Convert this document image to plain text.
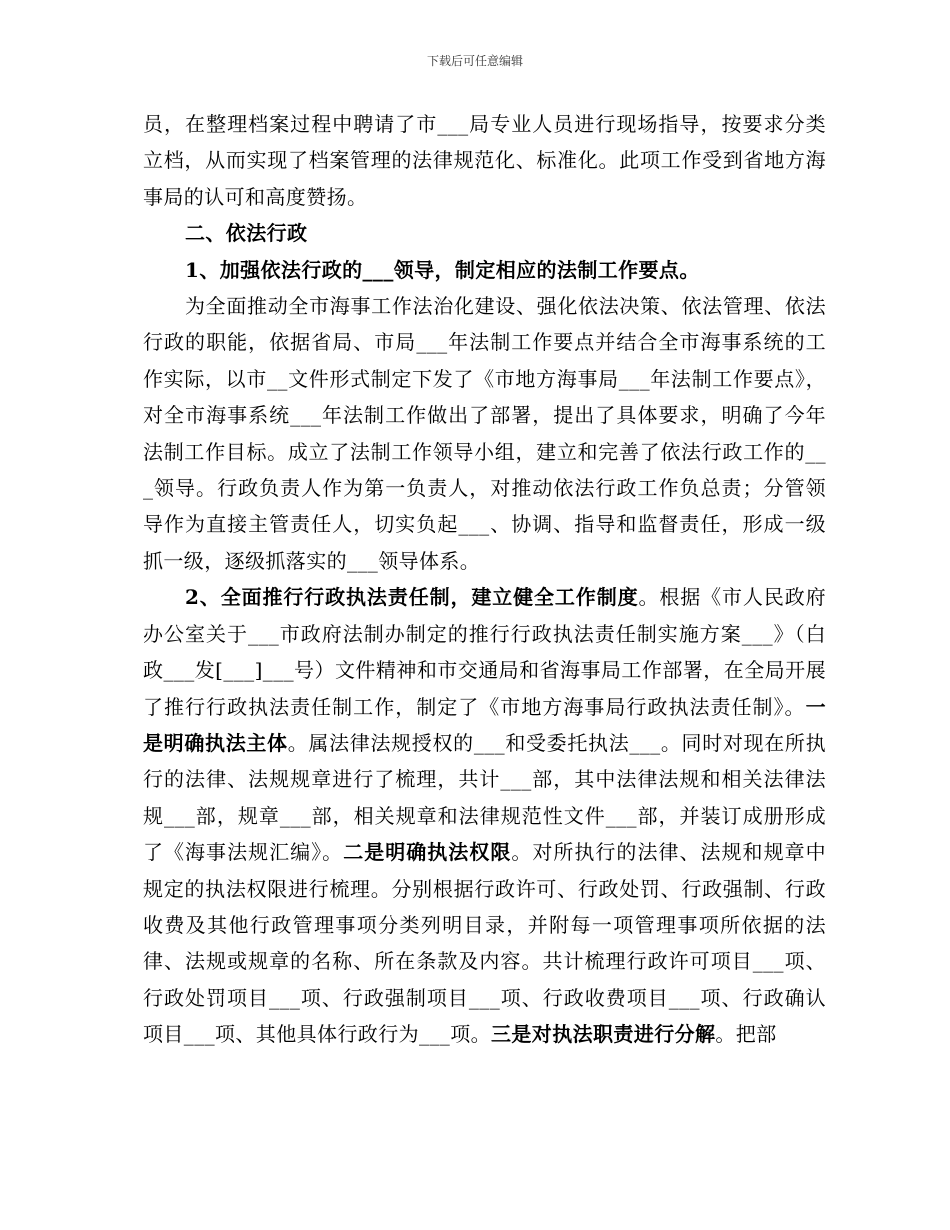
下载后可任意编辑

员，在整理档案过程中聘请了市___局专业人员进行现场指导，按要求分类立档，从而实现了档案管理的法律规范化、标准化。此项工作受到省地方海事局的认可和高度赞扬。

二、依法行政

1、加强依法行政的___领导，制定相应的法制工作要点。

为全面推动全市海事工作法治化建设、强化依法决策、依法管理、依法行政的职能，依据省局、市局___年法制工作要点并结合全市海事系统的工作实际，以市__文件形式制定下发了《市地方海事局___年法制工作要点》，对全市海事系统___年法制工作做出了部署，提出了具体要求，明确了今年法制工作目标。成立了法制工作领导小组，建立和完善了依法行政工作的___领导。行政负责人作为第一负责人，对推动依法行政工作负总责；分管领导作为直接主管责任人，切实负起___、协调、指导和监督责任，形成一级抓一级，逐级抓落实的___领导体系。

2、全面推行行政执法责任制，建立健全工作制度。根据《市人民政府办公室关于___市政府法制办制定的推行行政执法责任制实施方案___》（白政___发[___]___号）文件精神和市交通局和省海事局工作部署，在全局开展了推行行政执法责任制工作，制定了《市地方海事局行政执法责任制》。一是明确执法主体。属法律法规授权的___和受委托执法___。同时对现在所执行的法律、法规规章进行了梳理，共计___部，其中法律法规和相关法律法规___部，规章___部，相关规章和法律规范性文件___部，并装订成册形成了《海事法规汇编》。二是明确执法权限。对所执行的法律、法规和规章中规定的执法权限进行梳理。分别根据行政许可、行政处罚、行政强制、行政收费及其他行政管理事项分类列明目录，并附每一项管理事项所依据的法律、法规或规章的名称、所在条款及内容。共计梳理行政许可项目___项、行政处罚项目___项、行政强制项目___项、行政收费项目___项、行政确认项目___项、其他具体行政行为___项。三是对执法职责进行分解。把部
